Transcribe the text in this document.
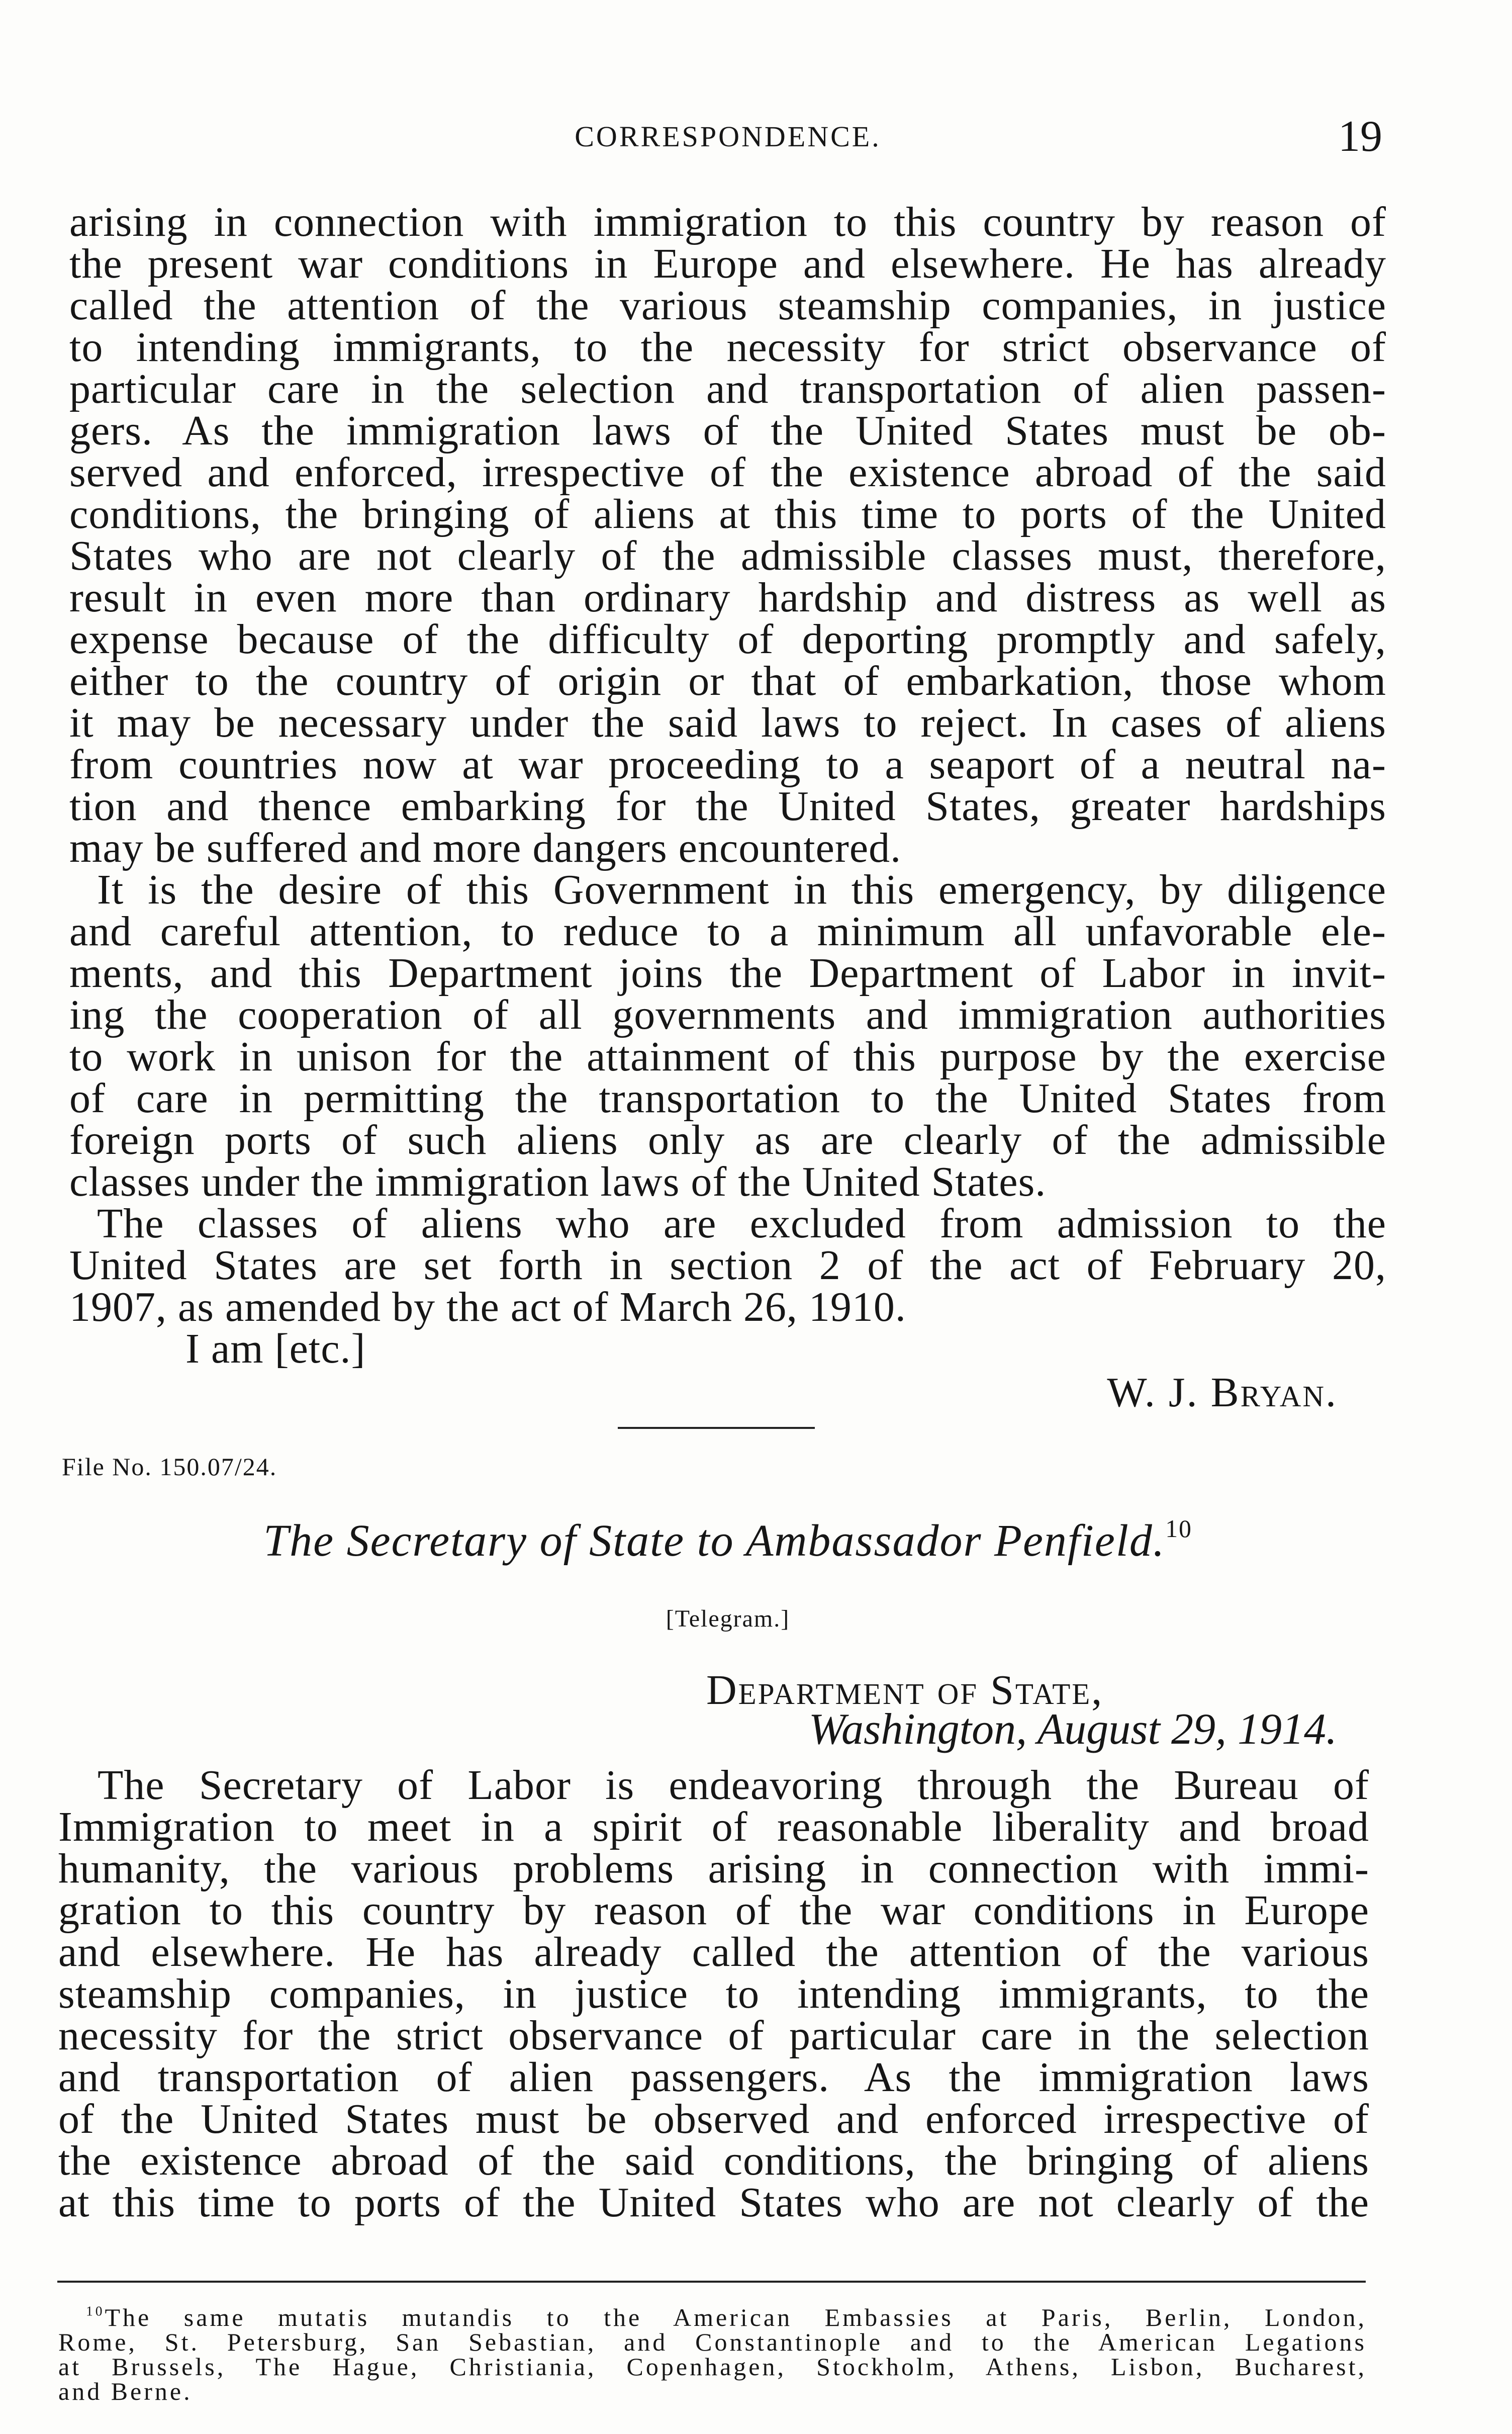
CORRESPONDENCE.	19
arising in connection with immigration to this country by reason of
the present war conditions in Europe and elsewhere. He has already
called the attention of the various steamship companies, in justice
to intending immigrants, to the necessity for strict observance of
particular care in the selection and transportation of alien passen-
gers. As the immigration laws of the United States must be ob-
served and enforced, irrespective of the existence abroad of the said
conditions, the bringing of aliens at this time to ports of the United
States who are not clearly of the admissible classes must, therefore,
result in even more than ordinary hardship and distress as well as
expense because of the difficulty of deporting promptly and safely,
either to the country of origin or that of embarkation, those whom
it may be necessary under the said laws to reject. In cases of aliens
from countries now at war proceeding to a seaport of a neutral na-
tion and thence embarking for the United States, greater hardships
may be suffered and more dangers encountered.
It is the desire of this Government in this emergency, by diligence
and careful attention, to reduce to a minimum all unfavorable ele-
ments, and this Department joins the Department of Labor in invit-
ing the cooperation of all governments and immigration authorities
to work in unison for the attainment of this purpose by the exercise
of care in permitting the transportation to the United States from
foreign ports of such aliens only as are clearly of the admissible
classes under the immigration laws of the United States.
The classes of aliens who are excluded from admission to the
United States are set forth in section 2 of the act of February 20,
1907, as amended by the act of March 26, 1910.
I am [etc.]
W. J. Bryan.
File No. 150.07/24.
The Secretary of State to Ambassador Penfield.$^{10}$
[Telegram.]
Department of State,
Washington, August 29, 1914.
The Secretary of Labor is endeavoring through the Bureau of
Immigration to meet in a spirit of reasonable liberality and broad
humanity, the various problems arising in connection with immi-
gration to this country by reason of the war conditions in Europe
and elsewhere. He has already called the attention of the various
steamship companies, in justice to intending immigrants, to the
necessity for the strict observance of particular care in the selection
and transportation of alien passengers. As the immigration laws
of the United States must be observed and enforced irrespective of
the existence abroad of the said conditions, the bringing of aliens
at this time to ports of the United States who are not clearly of the
$^{10}$The same mutatis mutandis to the American Embassies at Paris, Berlin, London,
Rome, St. Petersburg, San Sebastian, and Constantinople and to the American Legations
at Brussels, The Hague, Christiania, Copenhagen, Stockholm, Athens, Lisbon, Bucharest,
and Berne.
